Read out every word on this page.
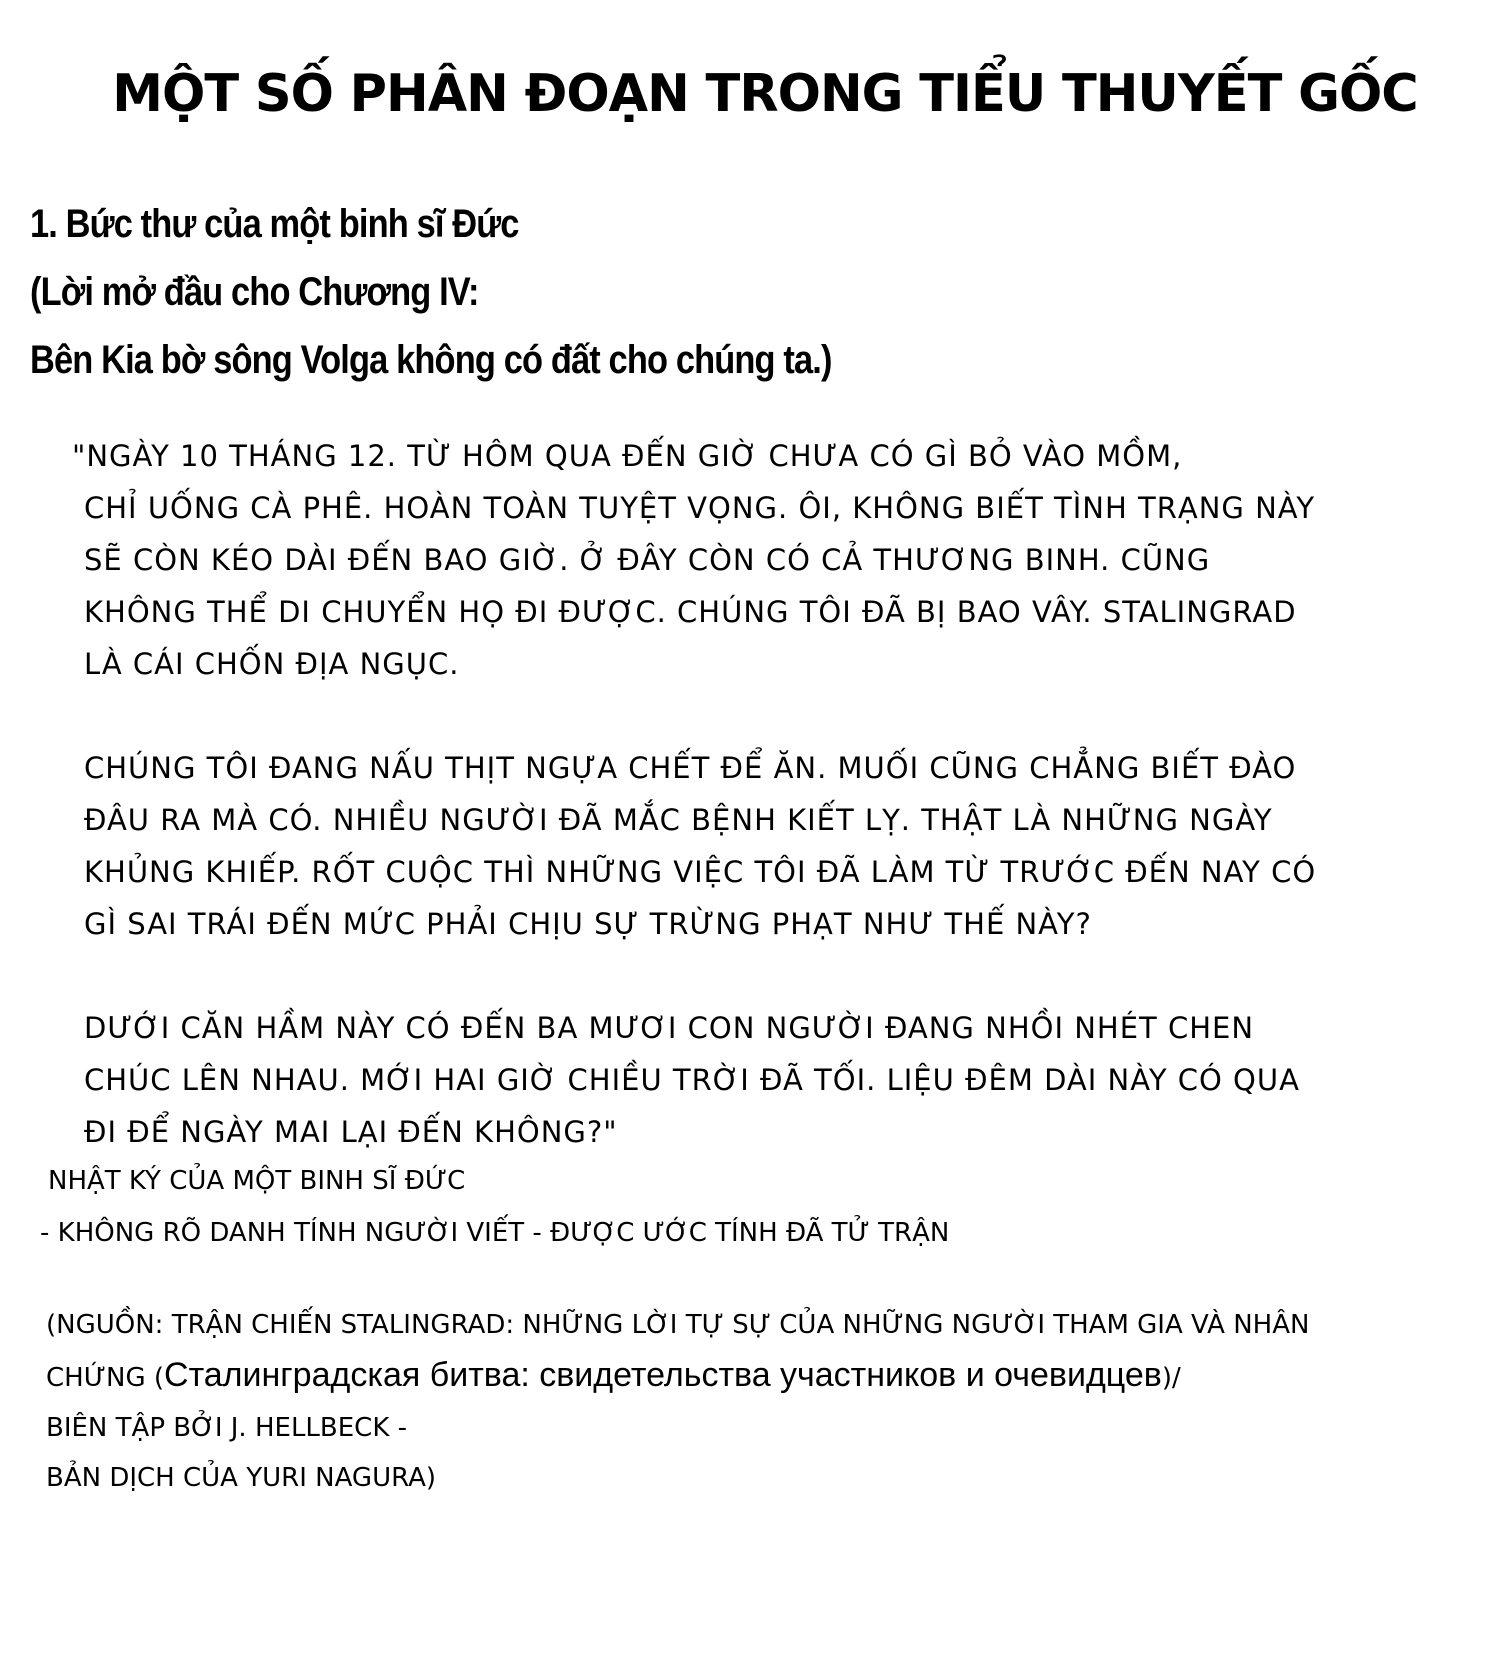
MỘT SỐ PHÂN ĐOẠN TRONG TIỂU THUYẾT GỐC
1. Bức thư của một binh sĩ Đức
(Lời mở đầu cho Chương IV:
Bên Kia bờ sông Volga không có đất cho chúng ta.)
"NGÀY 10 THÁNG 12. TỪ HÔM QUA ĐẾN GIỜ CHƯA CÓ GÌ BỎ VÀO MỒM,
CHỈ UỐNG CÀ PHÊ. HOÀN TOÀN TUYỆT VỌNG. ÔI, KHÔNG BIẾT TÌNH TRẠNG NÀY
SẼ CÒN KÉO DÀI ĐẾN BAO GIỜ. Ở ĐÂY CÒN CÓ CẢ THƯƠNG BINH. CŨNG
KHÔNG THỂ DI CHUYỂN HỌ ĐI ĐƯỢC. CHÚNG TÔI ĐÃ BỊ BAO VÂY. STALINGRAD
LÀ CÁI CHỐN ĐỊA NGỤC.
CHÚNG TÔI ĐANG NẤU THỊT NGỰA CHẾT ĐỂ ĂN. MUỐI CŨNG CHẲNG BIẾT ĐÀO
ĐÂU RA MÀ CÓ. NHIỀU NGƯỜI ĐÃ MẮC BỆNH KIẾT LỴ. THẬT LÀ NHỮNG NGÀY
KHỦNG KHIẾP. RỐT CUỘC THÌ NHỮNG VIỆC TÔI ĐÃ LÀM TỪ TRƯỚC ĐẾN NAY CÓ
GÌ SAI TRÁI ĐẾN MỨC PHẢI CHỊU SỰ TRỪNG PHẠT NHƯ THẾ NÀY?
DƯỚI CĂN HẦM NÀY CÓ ĐẾN BA MƯƠI CON NGƯỜI ĐANG NHỒI NHÉT CHEN
CHÚC LÊN NHAU. MỚI HAI GIỜ CHIỀU TRỜI ĐÃ TỐI. LIỆU ĐÊM DÀI NÀY CÓ QUA
ĐI ĐỂ NGÀY MAI LẠI ĐẾN KHÔNG?"
NHẬT KÝ CỦA MỘT BINH SĨ ĐỨC
- KHÔNG RÕ DANH TÍNH NGƯỜI VIẾT - ĐƯỢC ƯỚC TÍNH ĐÃ TỬ TRẬN
(NGUỒN: TRẬN CHIẾN STALINGRAD: NHỮNG LỜI TỰ SỰ CỦA NHỮNG NGƯỜI THAM GIA VÀ NHÂN
CHỨNG (Сталинградская битва: свидетельства участников и очевидцев)/
BIÊN TẬP BỞI J. HELLBECK -
BẢN DỊCH CỦA YURI NAGURA)
